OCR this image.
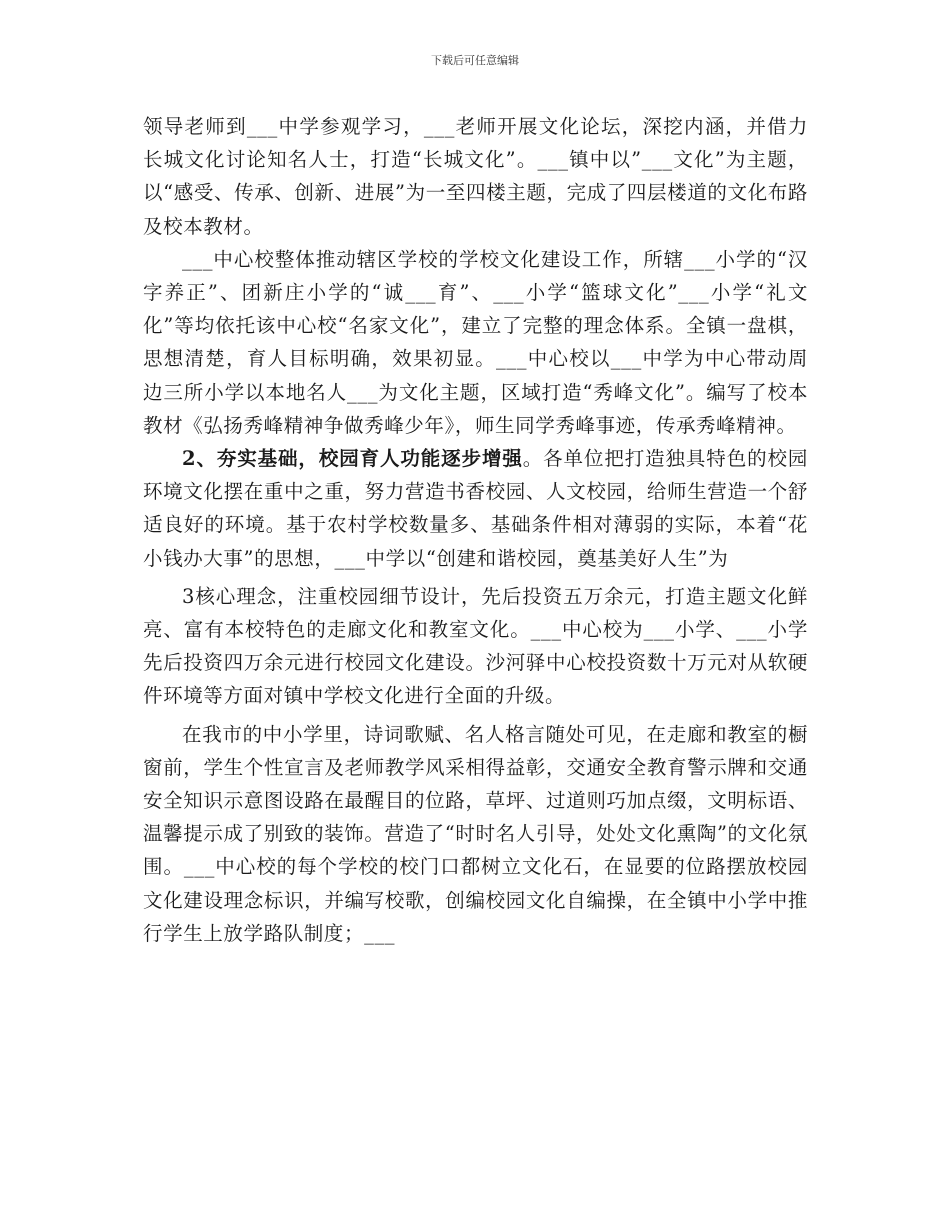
下载后可任意编辑

领导老师到___中学参观学习，___老师开展文化论坛，深挖内涵，并借力长城文化讨论知名人士，打造“长城文化”。___镇中以”___文化”为主题，以“感受、传承、创新、进展”为一至四楼主题，完成了四层楼道的文化布路及校本教材。

___中心校整体推动辖区学校的学校文化建设工作，所辖___小学的“汉字养正”、团新庄小学的“诚___育”、___小学“篮球文化”___小学“礼文化”等均依托该中心校“名家文化”，建立了完整的理念体系。全镇一盘棋，思想清楚，育人目标明确，效果初显。___中心校以___中学为中心带动周边三所小学以本地名人___为文化主题，区域打造“秀峰文化”。编写了校本教材《弘扬秀峰精神争做秀峰少年》，师生同学秀峰事迹，传承秀峰精神。

2、夯实基础，校园育人功能逐步增强。各单位把打造独具特色的校园环境文化摆在重中之重，努力营造书香校园、人文校园，给师生营造一个舒适良好的环境。基于农村学校数量多、基础条件相对薄弱的实际，本着“花小钱办大事”的思想，___中学以“创建和谐校园，奠基美好人生”为

3核心理念，注重校园细节设计，先后投资五万余元，打造主题文化鲜亮、富有本校特色的走廊文化和教室文化。___中心校为___小学、___小学先后投资四万余元进行校园文化建设。沙河驿中心校投资数十万元对从软硬件环境等方面对镇中学校文化进行全面的升级。

在我市的中小学里，诗词歌赋、名人格言随处可见，在走廊和教室的橱窗前，学生个性宣言及老师教学风采相得益彰，交通安全教育警示牌和交通安全知识示意图设路在最醒目的位路，草坪、过道则巧加点缀，文明标语、温馨提示成了别致的装饰。营造了“时时名人引导，处处文化熏陶”的文化氛围。___中心校的每个学校的校门口都树立文化石，在显要的位路摆放校园文化建设理念标识，并编写校歌，创编校园文化自编操，在全镇中小学中推行学生上放学路队制度；___
